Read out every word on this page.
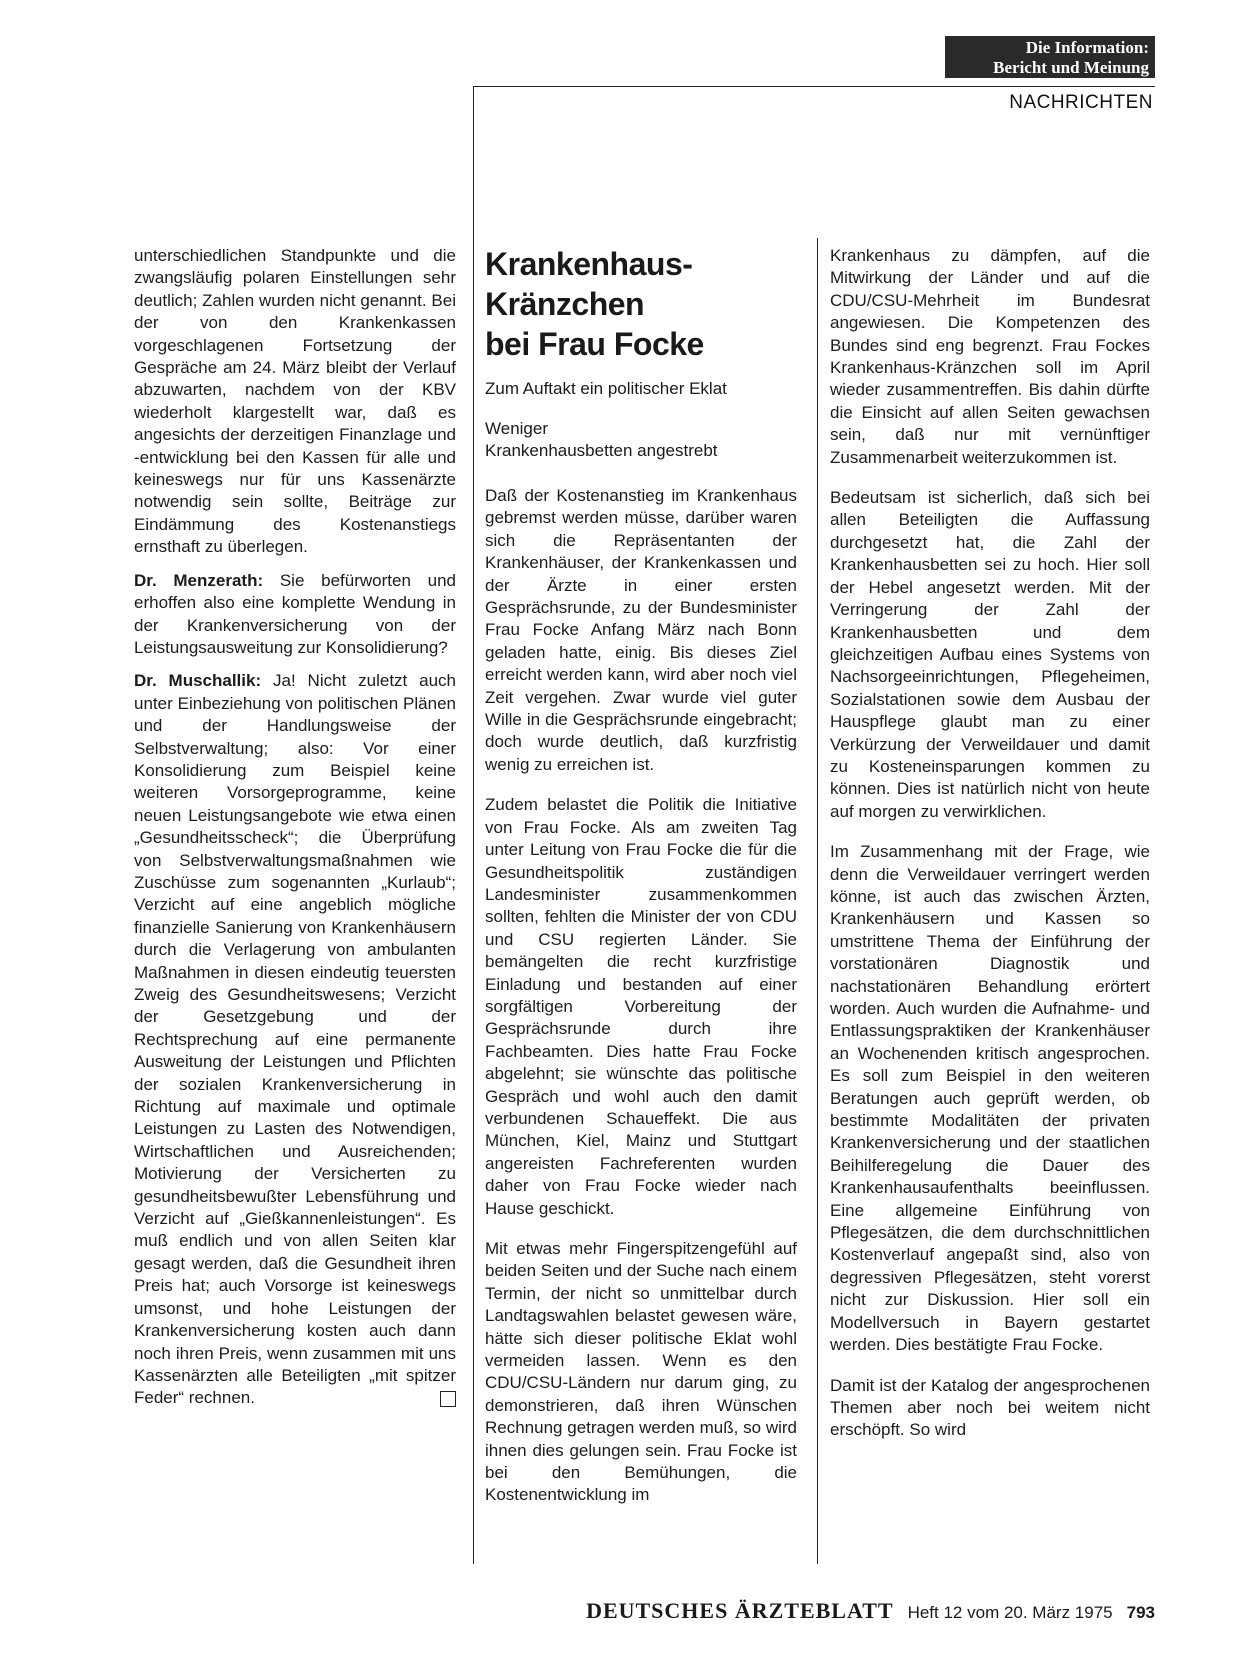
Die Information:
Bericht und Meinung
NACHRICHTEN

unterschiedlichen Standpunkte und die zwangsläufig polaren Einstellungen sehr deutlich; Zahlen wurden nicht genannt. Bei der von den Krankenkassen vorgeschlagenen Fortsetzung der Gespräche am 24. März bleibt der Verlauf abzuwarten, nachdem von der KBV wiederholt klargestellt war, daß es angesichts der derzeitigen Finanzlage und -entwicklung bei den Kassen für alle und keineswegs nur für uns Kassenärzte notwendig sein sollte, Beiträge zur Eindämmung des Kostenanstiegs ernsthaft zu überlegen.

Dr. Menzerath: Sie befürworten und erhoffen also eine komplette Wendung in der Krankenversicherung von der Leistungsausweitung zur Konsolidierung?

Dr. Muschallik: Ja! Nicht zuletzt auch unter Einbeziehung von politischen Plänen und der Handlungsweise der Selbstverwaltung; also: Vor einer Konsolidierung zum Beispiel keine weiteren Vorsorgeprogramme, keine neuen Leistungsangebote wie etwa einen „Gesundheitsscheck“; die Überprüfung von Selbstverwaltungsmaßnahmen wie Zuschüsse zum sogenannten „Kurlaub“; Verzicht auf eine angeblich mögliche finanzielle Sanierung von Krankenhäusern durch die Verlagerung von ambulanten Maßnahmen in diesen eindeutig teuersten Zweig des Gesundheitswesens; Verzicht der Gesetzgebung und der Rechtsprechung auf eine permanente Ausweitung der Leistungen und Pflichten der sozialen Krankenversicherung in Richtung auf maximale und optimale Leistungen zu Lasten des Notwendigen, Wirtschaftlichen und Ausreichenden; Motivierung der Versicherten zu gesundheitsbewußter Lebensführung und Verzicht auf „Gießkannenleistungen“. Es muß endlich und von allen Seiten klar gesagt werden, daß die Gesundheit ihren Preis hat; auch Vorsorge ist keineswegs umsonst, und hohe Leistungen der Krankenversicherung kosten auch dann noch ihren Preis, wenn zusammen mit uns Kassenärzten alle Beteiligten „mit spitzer Feder“ rechnen.

Krankenhaus-
Kränzchen
bei Frau Focke
Zum Auftakt ein politischer Eklat
Weniger
Krankenhausbetten angestrebt

Daß der Kostenanstieg im Krankenhaus gebremst werden müsse, darüber waren sich die Repräsentanten der Krankenhäuser, der Krankenkassen und der Ärzte in einer ersten Gesprächsrunde, zu der Bundesminister Frau Focke Anfang März nach Bonn geladen hatte, einig. Bis dieses Ziel erreicht werden kann, wird aber noch viel Zeit vergehen. Zwar wurde viel guter Wille in die Gesprächsrunde eingebracht; doch wurde deutlich, daß kurzfristig wenig zu erreichen ist.

Zudem belastet die Politik die Initiative von Frau Focke. Als am zweiten Tag unter Leitung von Frau Focke die für die Gesundheitspolitik zuständigen Landesminister zusammenkommen sollten, fehlten die Minister der von CDU und CSU regierten Länder. Sie bemängelten die recht kurzfristige Einladung und bestanden auf einer sorgfältigen Vorbereitung der Gesprächsrunde durch ihre Fachbeamten. Dies hatte Frau Focke abgelehnt; sie wünschte das politische Gespräch und wohl auch den damit verbundenen Schaueffekt. Die aus München, Kiel, Mainz und Stuttgart angereisten Fachreferenten wurden daher von Frau Focke wieder nach Hause geschickt.

Mit etwas mehr Fingerspitzengefühl auf beiden Seiten und der Suche nach einem Termin, der nicht so unmittelbar durch Landtagswahlen belastet gewesen wäre, hätte sich dieser politische Eklat wohl vermeiden lassen. Wenn es den CDU/CSU-Ländern nur darum ging, zu demonstrieren, daß ihren Wünschen Rechnung getragen werden muß, so wird ihnen dies gelungen sein. Frau Focke ist bei den Bemühungen, die Kostenentwicklung im

Krankenhaus zu dämpfen, auf die Mitwirkung der Länder und auf die CDU/CSU-Mehrheit im Bundesrat angewiesen. Die Kompetenzen des Bundes sind eng begrenzt. Frau Fockes Krankenhaus-Kränzchen soll im April wieder zusammentreffen. Bis dahin dürfte die Einsicht auf allen Seiten gewachsen sein, daß nur mit vernünftiger Zusammenarbeit weiterzukommen ist.

Bedeutsam ist sicherlich, daß sich bei allen Beteiligten die Auffassung durchgesetzt hat, die Zahl der Krankenhausbetten sei zu hoch. Hier soll der Hebel angesetzt werden. Mit der Verringerung der Zahl der Krankenhausbetten und dem gleichzeitigen Aufbau eines Systems von Nachsorgeeinrichtungen, Pflegeheimen, Sozialstationen sowie dem Ausbau der Hauspflege glaubt man zu einer Verkürzung der Verweildauer und damit zu Kosteneinsparungen kommen zu können. Dies ist natürlich nicht von heute auf morgen zu verwirklichen.

Im Zusammenhang mit der Frage, wie denn die Verweildauer verringert werden könne, ist auch das zwischen Ärzten, Krankenhäusern und Kassen so umstrittene Thema der Einführung der vorstationären Diagnostik und nachstationären Behandlung erörtert worden. Auch wurden die Aufnahme- und Entlassungspraktiken der Krankenhäuser an Wochenenden kritisch angesprochen. Es soll zum Beispiel in den weiteren Beratungen auch geprüft werden, ob bestimmte Modalitäten der privaten Krankenversicherung und der staatlichen Beihilferegelung die Dauer des Krankenhausaufenthalts beeinflussen. Eine allgemeine Einführung von Pflegesätzen, die dem durchschnittlichen Kostenverlauf angepaßt sind, also von degressiven Pflegesätzen, steht vorerst nicht zur Diskussion. Hier soll ein Modellversuch in Bayern gestartet werden. Dies bestätigte Frau Focke.

Damit ist der Katalog der angesprochenen Themen aber noch bei weitem nicht erschöpft. So wird

DEUTSCHES ÄRZTEBLATT Heft 12 vom 20. März 1975 793
